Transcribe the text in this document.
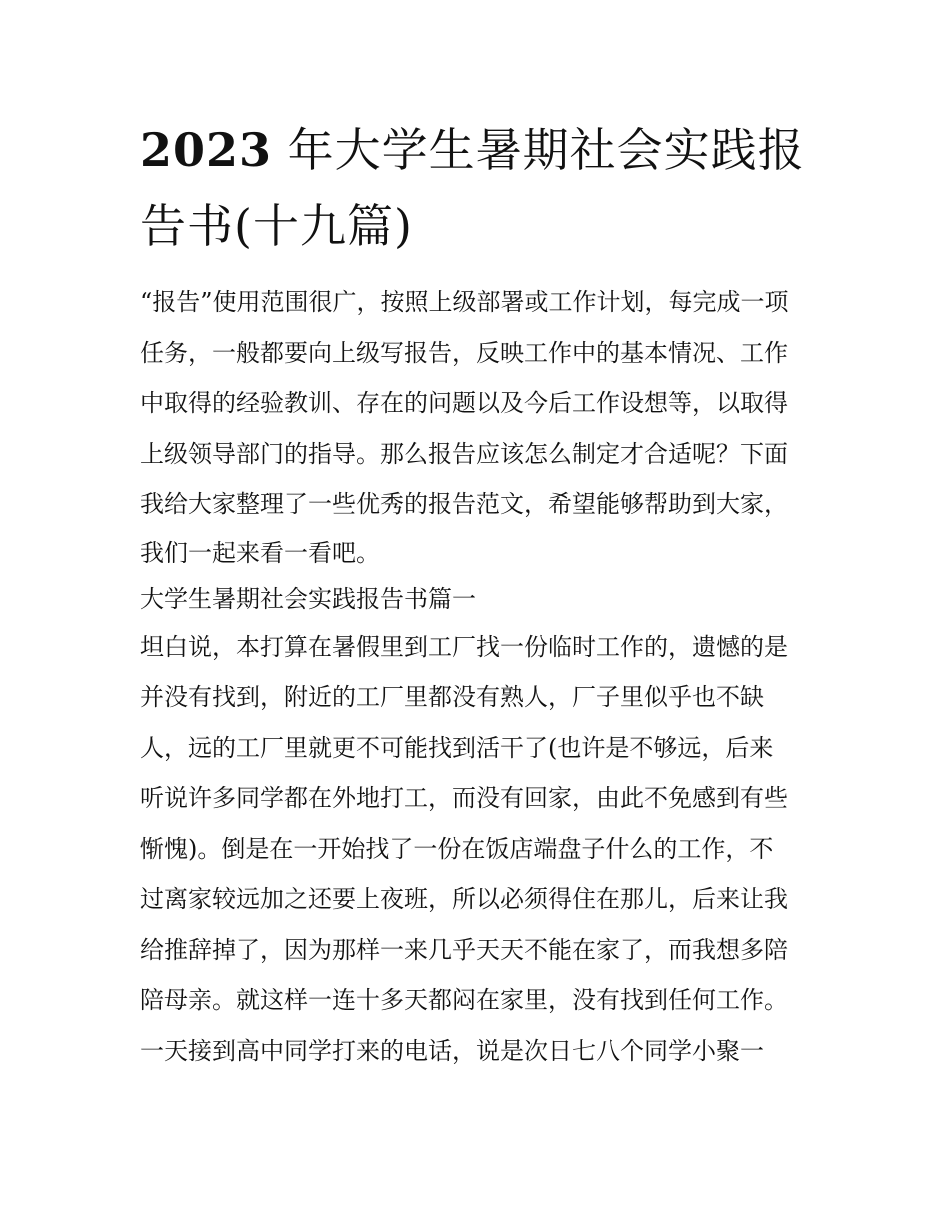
2023 年大学生暑期社会实践报
告书(十九篇)
“报告”使用范围很广，按照上级部署或工作计划，每完成一项
任务，一般都要向上级写报告，反映工作中的基本情况、工作
中取得的经验教训、存在的问题以及今后工作设想等，以取得
上级领导部门的指导。那么报告应该怎么制定才合适呢？下面
我给大家整理了一些优秀的报告范文，希望能够帮助到大家，
我们一起来看一看吧。
大学生暑期社会实践报告书篇一
坦白说，本打算在暑假里到工厂找一份临时工作的，遗憾的是
并没有找到，附近的工厂里都没有熟人，厂子里似乎也不缺
人，远的工厂里就更不可能找到活干了(也许是不够远，后来
听说许多同学都在外地打工，而没有回家，由此不免感到有些
惭愧)。倒是在一开始找了一份在饭店端盘子什么的工作，不
过离家较远加之还要上夜班，所以必须得住在那儿，后来让我
给推辞掉了，因为那样一来几乎天天不能在家了，而我想多陪
陪母亲。就这样一连十多天都闷在家里，没有找到任何工作。
一天接到高中同学打来的电话，说是次日七八个同学小聚一
